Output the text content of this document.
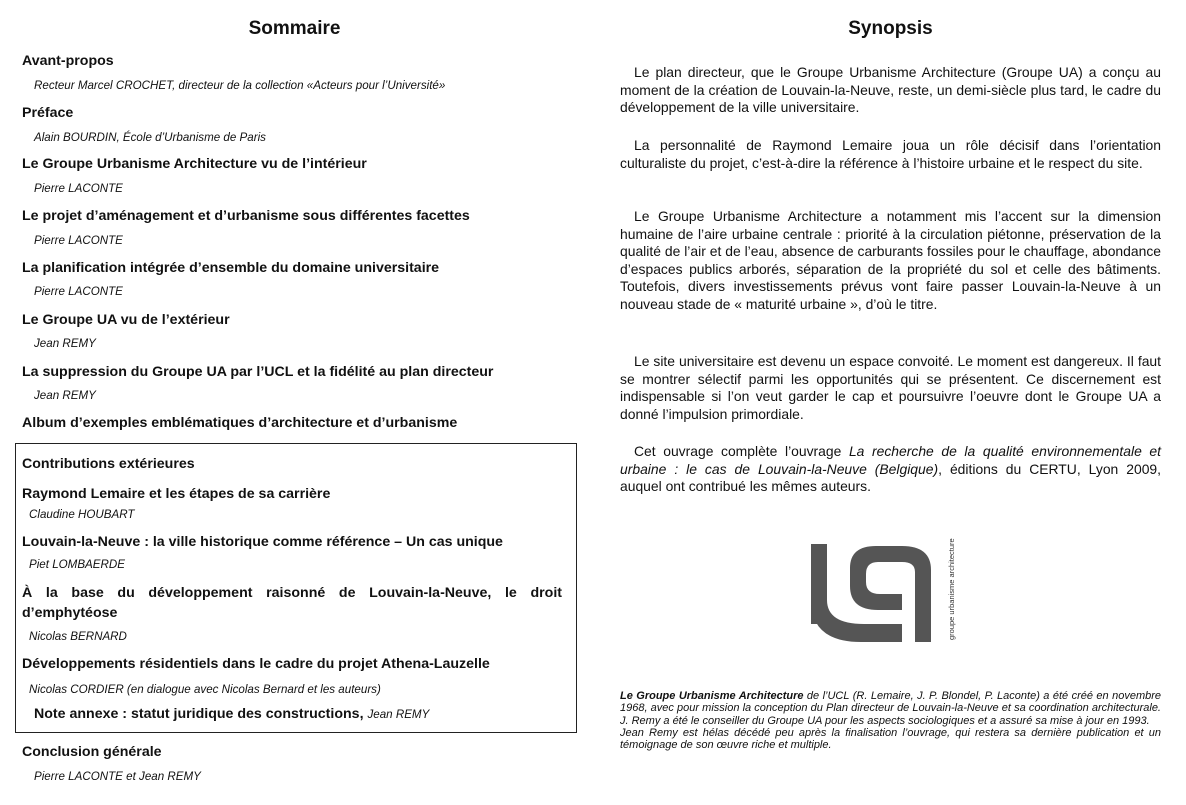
Sommaire
Avant-propos
Recteur Marcel CROCHET, directeur de la collection «Acteurs pour l’Université»
Préface
Alain BOURDIN, École d’Urbanisme de Paris
Le Groupe Urbanisme Architecture vu de l’intérieur
Pierre LACONTE
Le projet d’aménagement et d’urbanisme sous différentes facettes
Pierre LACONTE
La planification intégrée d’ensemble du domaine universitaire
Pierre LACONTE
Le Groupe UA vu de l’extérieur
Jean REMY
La suppression du Groupe UA par l’UCL et la fidélité au plan directeur
Jean REMY
Album d’exemples emblématiques d’architecture et d’urbanisme
Contributions extérieures
Raymond Lemaire et les étapes de sa carrière
Claudine HOUBART
Louvain-la-Neuve : la ville historique comme référence – Un cas unique
Piet LOMBAERDE
À la base du développement raisonné de Louvain-la-Neuve, le droit d’emphytéose
Nicolas BERNARD
Développements résidentiels dans le cadre du projet Athena-Lauzelle
Nicolas CORDIER (en dialogue avec Nicolas Bernard et les auteurs)
Note annexe : statut juridique des constructions, Jean REMY
Conclusion générale
Pierre LACONTE et Jean REMY
Synopsis
Le plan directeur, que le Groupe Urbanisme Architecture (Groupe UA) a conçu au moment de la création de Louvain-la-Neuve, reste, un demi-siècle plus tard, le cadre du développement de la ville universitaire.
La personnalité de Raymond Lemaire joua un rôle décisif dans l’orientation culturaliste du projet, c’est-à-dire la référence à l’histoire urbaine et le respect du site.
Le Groupe Urbanisme Architecture a notamment mis l’accent sur la dimension humaine de l’aire urbaine centrale : priorité à la circulation piétonne, préservation de la qualité de l’air et de l’eau, absence de carburants fossiles pour le chauffage, abondance d’espaces publics arborés, séparation de la propriété du sol et celle des bâtiments. Toutefois, divers investissements prévus vont faire passer Louvain-la-Neuve à un nouveau stade de « maturité urbaine », d’où le titre.
Le site universitaire est devenu un espace convoité. Le moment est dangereux. Il faut se montrer sélectif parmi les opportunités qui se présentent. Ce discernement est indispensable si l’on veut garder le cap et poursuivre l’oeuvre dont le Groupe UA a donné l’impulsion primordiale.
Cet ouvrage complète l’ouvrage La recherche de la qualité environnementale et urbaine : le cas de Louvain-la-Neuve (Belgique), éditions du CERTU, Lyon 2009, auquel ont contribué les mêmes auteurs.
groupe urbanisme architecture
Le Groupe Urbanisme Architecture de l’UCL (R. Lemaire, J. P. Blondel, P. Laconte) a été créé en novembre 1968, avec pour mission la conception du Plan directeur de Louvain-la-Neuve et sa coordination architecturale. J. Remy a été le conseiller du Groupe UA pour les aspects sociologiques et a assuré sa mise à jour en 1993.
Jean Remy est hélas décédé peu après la finalisation l’ouvrage, qui restera sa dernière publication et un témoignage de son œuvre riche et multiple.
